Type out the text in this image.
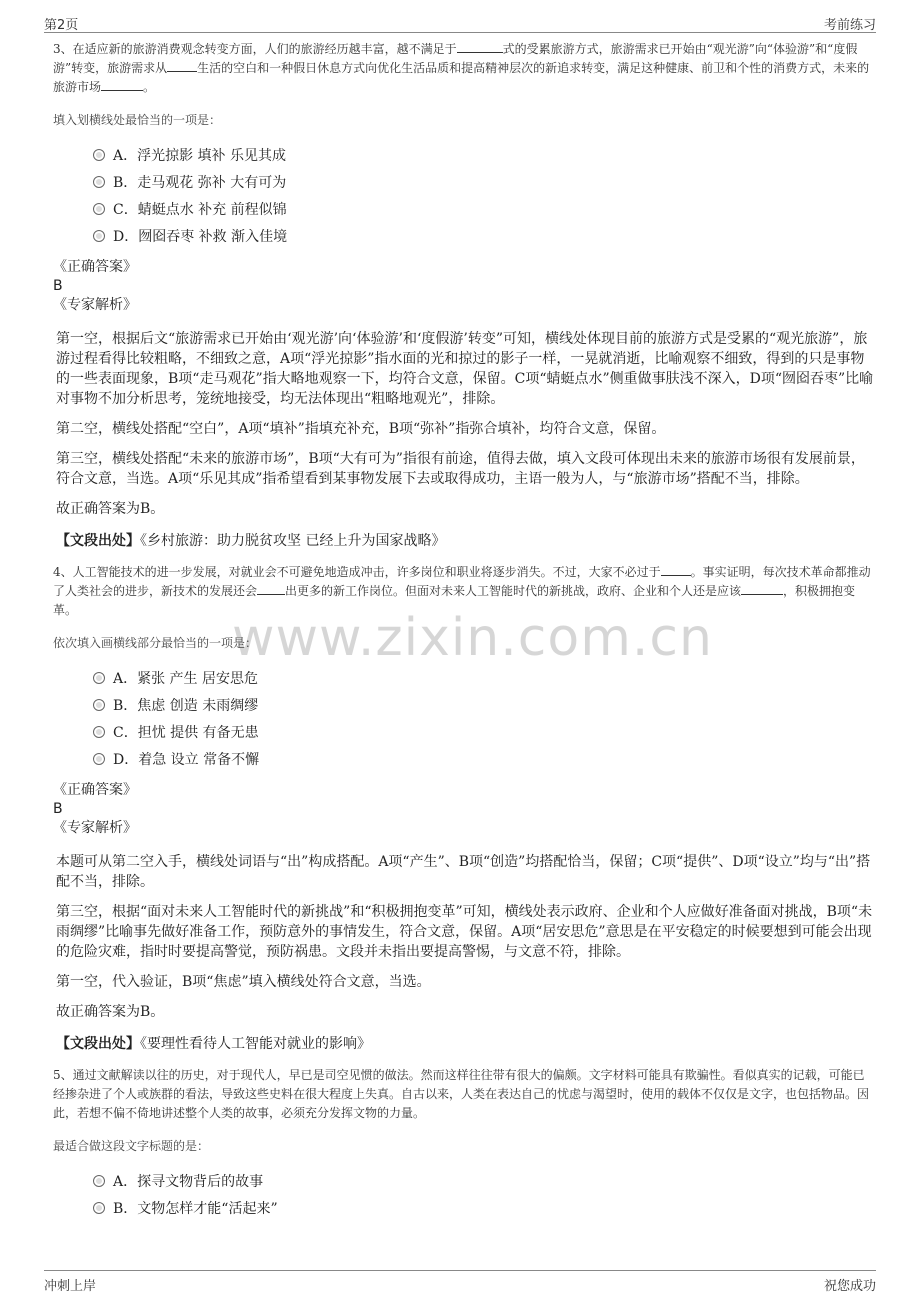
第2页	考前练习
www.zixin.com.cn

3、在适应新的旅游消费观念转变方面，人们的旅游经历越丰富，越不满足于	式的受累旅游方式，旅游需求已开始由“观光游”向“体验游”和“度假游”转变，旅游需求从	生活的空白和一种假日休息方式向优化生活品质和提高精神层次的新追求转变，满足这种健康、前卫和个性的消费方式，未来的旅游市场	。

填入划横线处最恰当的一项是：

A．浮光掠影 填补 乐见其成
B．走马观花 弥补 大有可为
C．蜻蜓点水 补充 前程似锦
D．囫囵吞枣 补救 渐入佳境

《正确答案》

B

《专家解析》

第一空，根据后文“旅游需求已开始由‘观光游’向‘体验游’和‘度假游’转变”可知，横线处体现目前的旅游方式是受累的“观光旅游”，旅游过程看得比较粗略，不细致之意，A项“浮光掠影”指水面的光和掠过的影子一样，一晃就消逝，比喻观察不细致，得到的只是事物的一些表面现象，B项“走马观花”指大略地观察一下，均符合文意，保留。C项“蜻蜓点水”侧重做事肤浅不深入，D项“囫囵吞枣”比喻对事物不加分析思考，笼统地接受，均无法体现出“粗略地观光”，排除。

第二空，横线处搭配“空白”，A项“填补”指填充补充，B项“弥补”指弥合填补，均符合文意，保留。

第三空，横线处搭配“未来的旅游市场”，B项“大有可为”指很有前途，值得去做，填入文段可体现出未来的旅游市场很有发展前景，符合文意，当选。A项“乐见其成”指希望看到某事物发展下去或取得成功，主语一般为人，与“旅游市场”搭配不当，排除。

故正确答案为B。

【文段出处】《乡村旅游：助力脱贫攻坚 已经上升为国家战略》

4、人工智能技术的进一步发展，对就业会不可避免地造成冲击，许多岗位和职业将逐步消失。不过，大家不必过于	。事实证明，每次技术革命都推动了人类社会的进步，新技术的发展还会 出更多的新工作岗位。但面对未来人工智能时代的新挑战，政府、企业和个人还是应该	，积极拥抱变革。

依次填入画横线部分最恰当的一项是：

A．紧张 产生 居安思危
B．焦虑 创造 未雨绸缪
C．担忧 提供 有备无患
D．着急 设立 常备不懈

《正确答案》

B

《专家解析》

本题可从第二空入手，横线处词语与“出”构成搭配。A项“产生”、B项“创造”均搭配恰当，保留；C项“提供”、D项“设立”均与“出”搭配不当，排除。

第三空，根据“面对未来人工智能时代的新挑战”和“积极拥抱变革”可知，横线处表示政府、企业和个人应做好准备面对挑战，B项“未雨绸缪”比喻事先做好准备工作，预防意外的事情发生，符合文意，保留。A项“居安思危”意思是在平安稳定的时候要想到可能会出现的危险灾难，指时时要提高警觉，预防祸患。文段并未指出要提高警惕，与文意不符，排除。

第一空，代入验证，B项“焦虑”填入横线处符合文意，当选。

故正确答案为B。

【文段出处】《要理性看待人工智能对就业的影响》

5、通过文献解读以往的历史，对于现代人，早已是司空见惯的做法。然而这样往往带有很大的偏颇。文字材料可能具有欺骗性。看似真实的记载，可能已经掺杂进了个人或族群的看法，导致这些史料在很大程度上失真。自古以来，人类在表达自己的忧虑与渴望时，使用的载体不仅仅是文字，也包括物品。因此，若想不偏不倚地讲述整个人类的故事，必须充分发挥文物的力量。

最适合做这段文字标题的是：

A．探寻文物背后的故事
B．文物怎样才能“活起来”
冲刺上岸	祝您成功
